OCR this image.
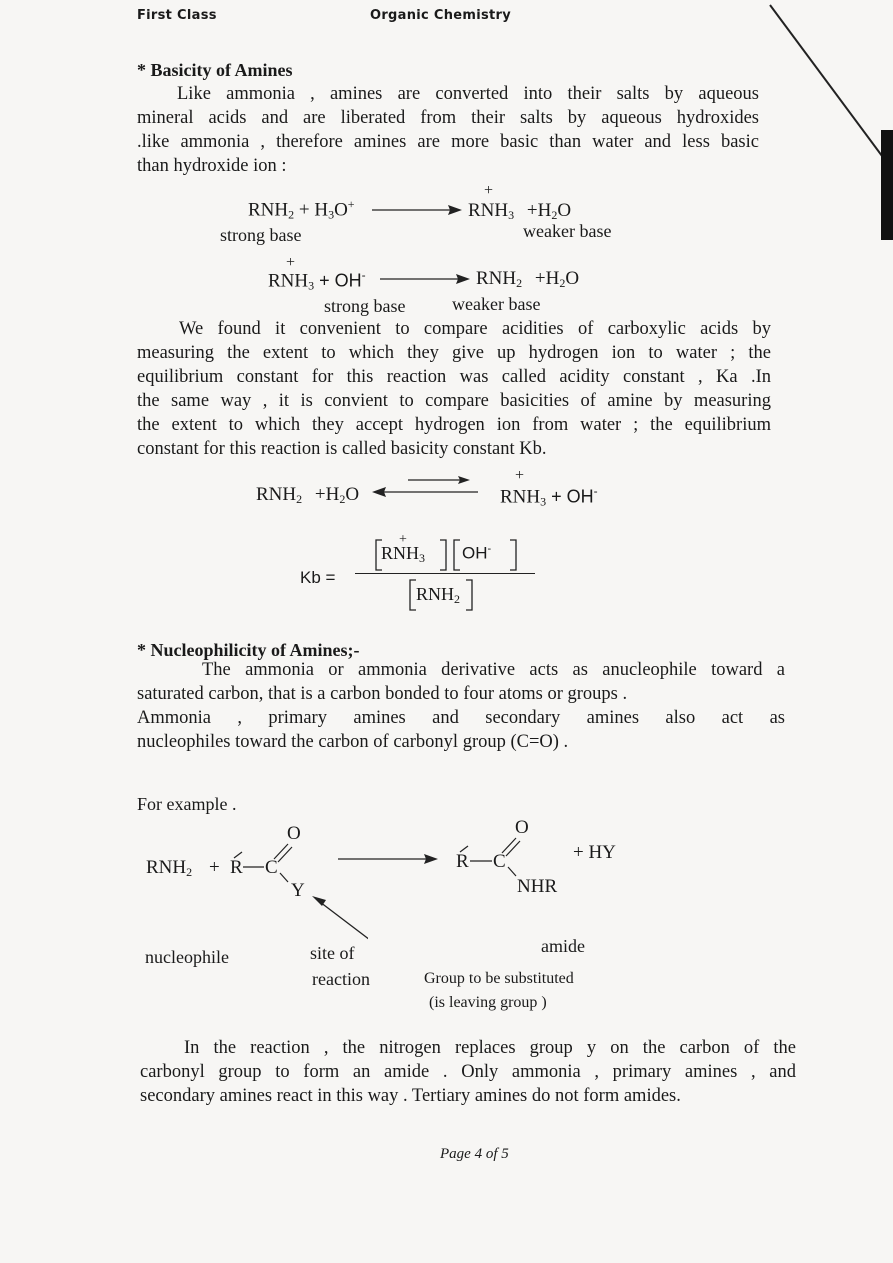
First Class	Organic Chemistry
* Basicity of Amines

Like ammonia , amines are converted into their salts by aqueous

mineral acids and are liberated from their salts by aqueous hydroxides

.like ammonia , therefore amines are more basic than water and less basic

than hydroxide ion :

$RNH_2 + H_3O^+$
+
$RNH_3 +H_2O$
strong base	weaker base
+
$RNH_3 + OH^-$	$RNH_2 +H_2O$
strong base	weaker base

We found it convenient to compare acidities of carboxylic acids by

measuring the extent to which they give up hydrogen ion to water ; the

equilibrium constant for this reaction was called acidity constant , Ka .In

the same way , it is convient to compare basicities of amine by measuring

the extent to which they accept hydrogen ion from water ; the equilibrium

constant for this reaction is called basicity constant Kb.

$RNH_2 +H_2O$
+
$RNH_3 + OH^-$
Kb =
+
$RNH_3$ OH-
$RNH_2$
* Nucleophilicity of Amines;-

The ammonia or ammonia derivative acts as anucleophile toward a

saturated carbon, that is a carbon bonded to four atoms or groups .

Ammonia , primary amines and secondary amines also act as

nucleophiles toward the carbon of carbonyl group (C=O) .

For example .
$RNH_2 + R$ C
O
Y
R C
O
NHR
+ HY
nucleophile	site of
reaction
amide
Group to be substituted
(is leaving group )

In the reaction , the nitrogen replaces group y on the carbon of the

carbonyl group to form an amide . Only ammonia , primary amines , and

secondary amines react in this way . Tertiary amines do not form amides.

Page 4 of 5
